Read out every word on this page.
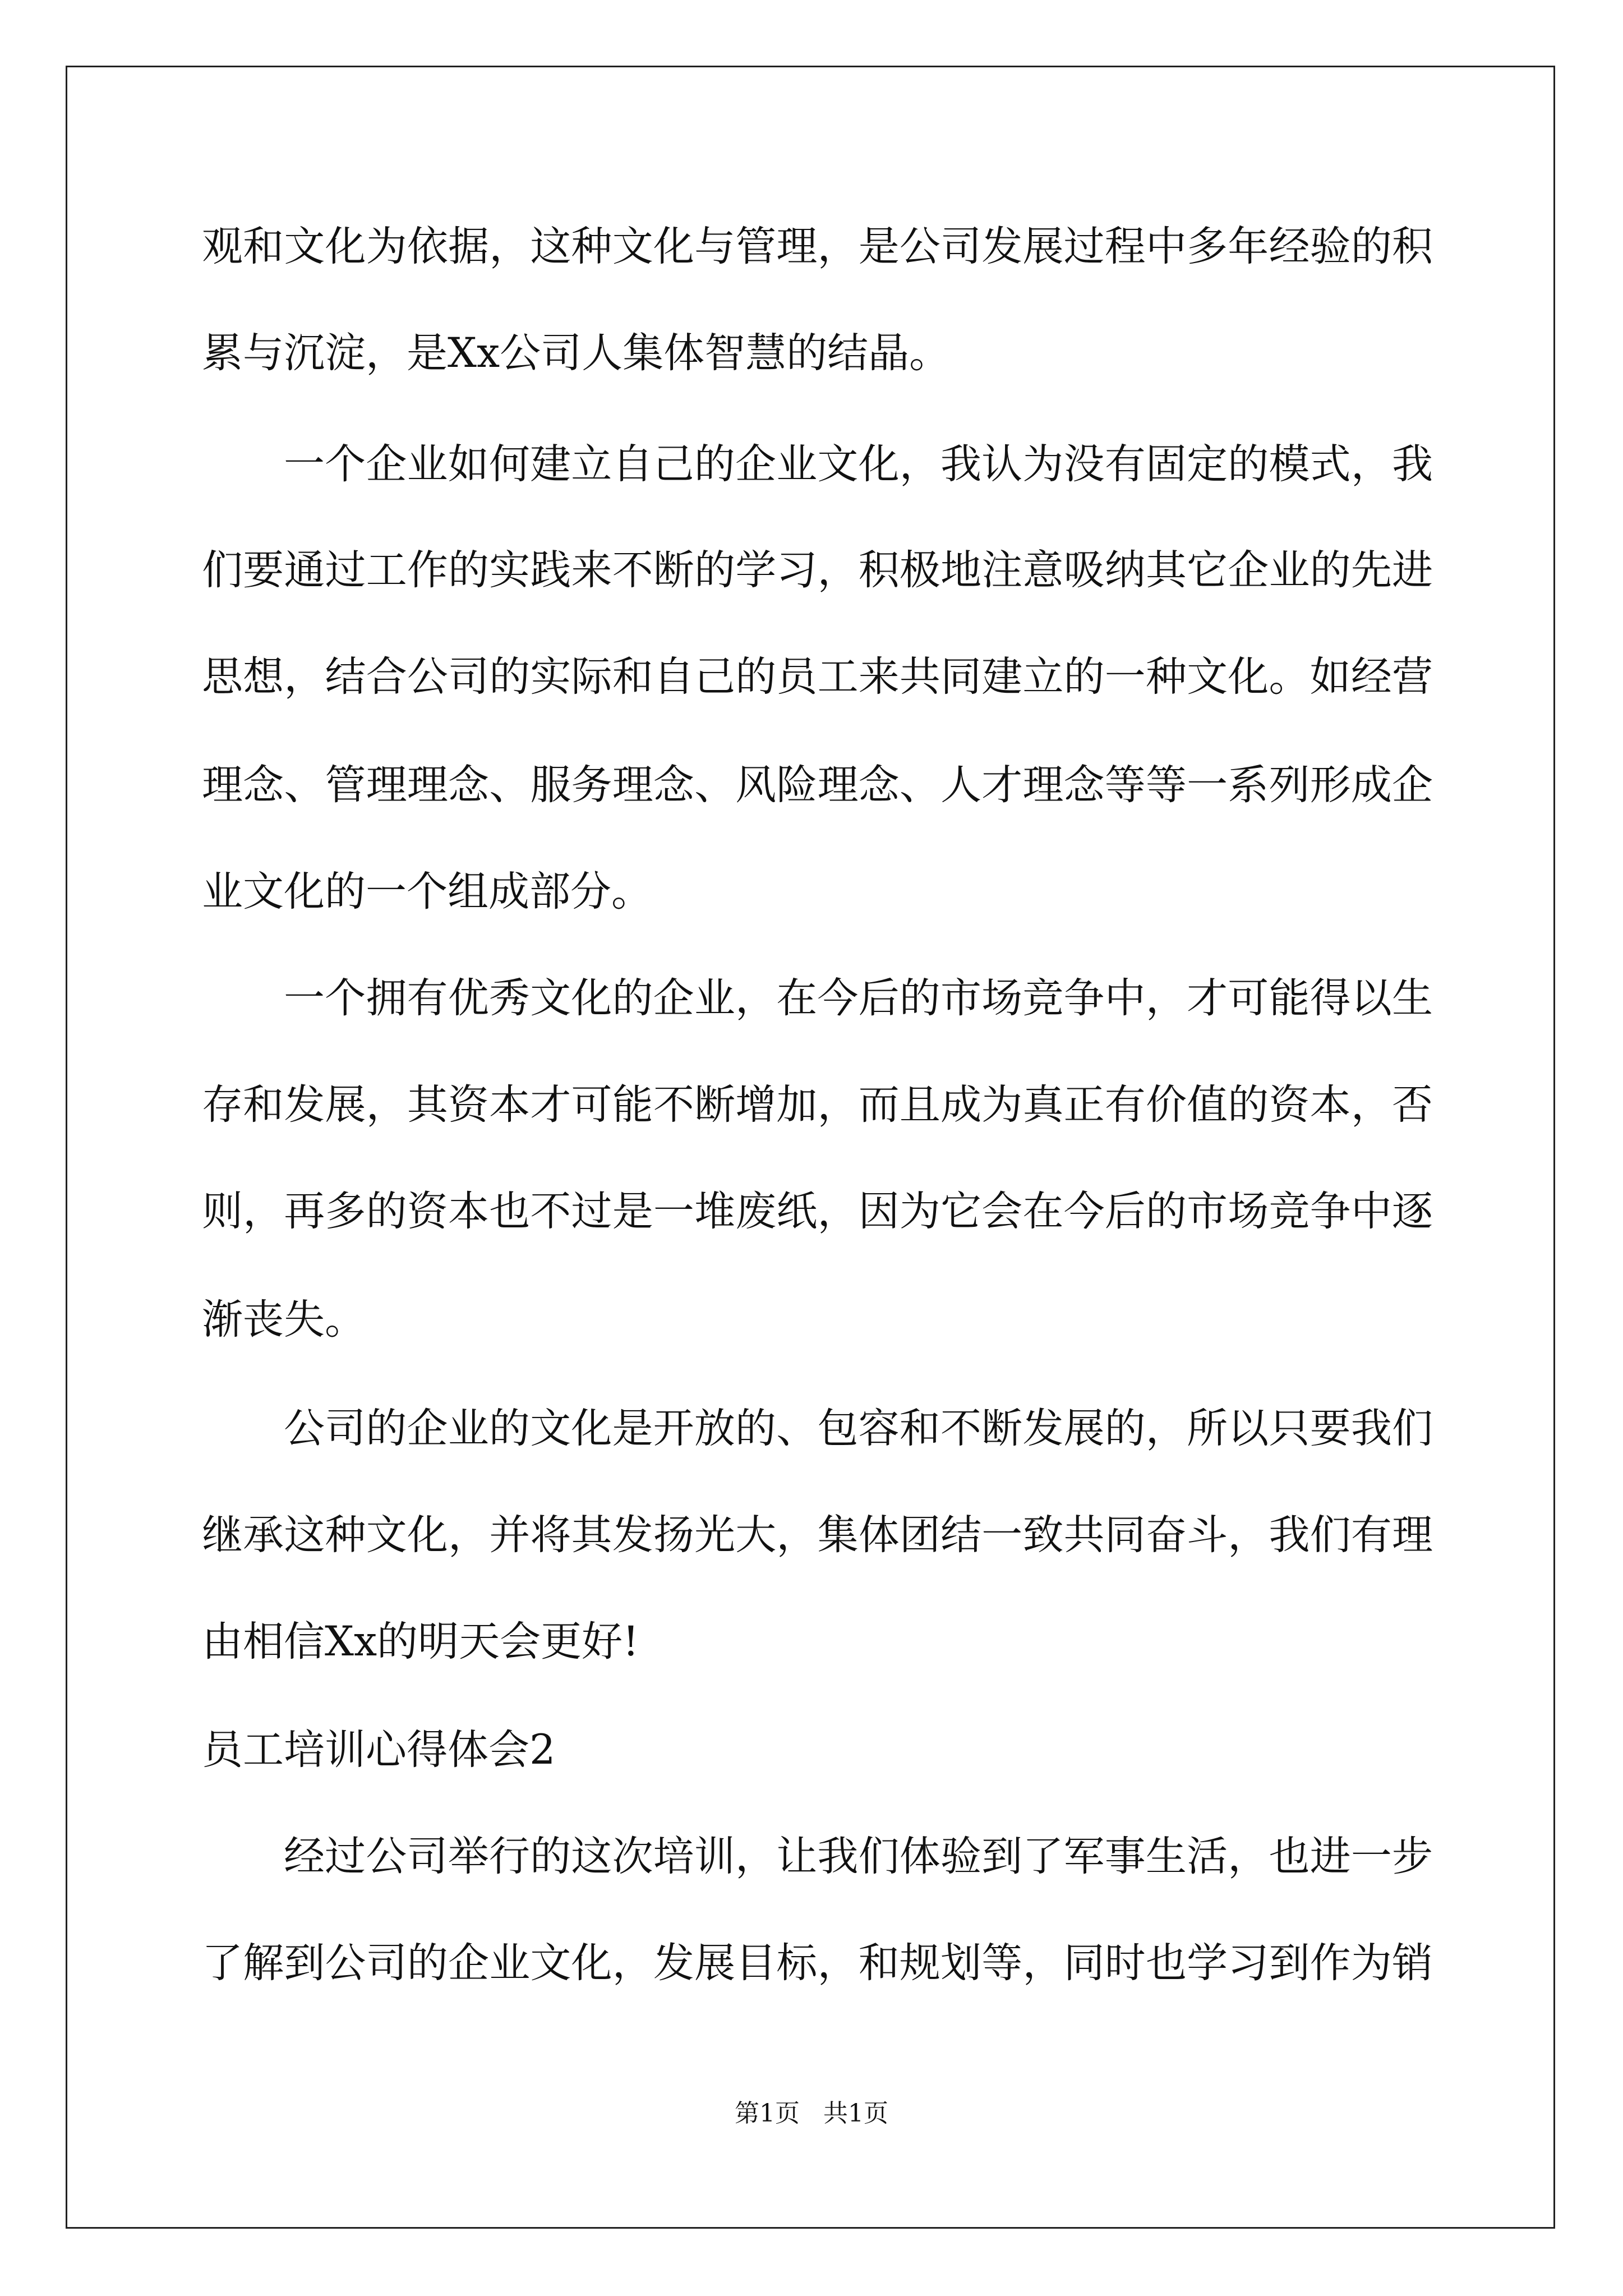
观和文化为依据，这种文化与管理，是公司发展过程中多年经验的积
累与沉淀，是Xx公司人集体智慧的结晶。
一个企业如何建立自己的企业文化，我认为没有固定的模式，我
们要通过工作的实践来不断的学习，积极地注意吸纳其它企业的先进
思想，结合公司的实际和自己的员工来共同建立的一种文化。如经营
理念、管理理念、服务理念、风险理念、人才理念等等一系列形成企
业文化的一个组成部分。
一个拥有优秀文化的企业，在今后的市场竞争中，才可能得以生
存和发展，其资本才可能不断增加，而且成为真正有价值的资本，否
则，再多的资本也不过是一堆废纸，因为它会在今后的市场竞争中逐
渐丧失。
公司的企业的文化是开放的、包容和不断发展的，所以只要我们
继承这种文化，并将其发扬光大，集体团结一致共同奋斗，我们有理
由相信Xx的明天会更好!
员工培训心得体会2
经过公司举行的这次培训，让我们体验到了军事生活，也进一步
了解到公司的企业文化，发展目标，和规划等，同时也学习到作为销
第1页   共1页
